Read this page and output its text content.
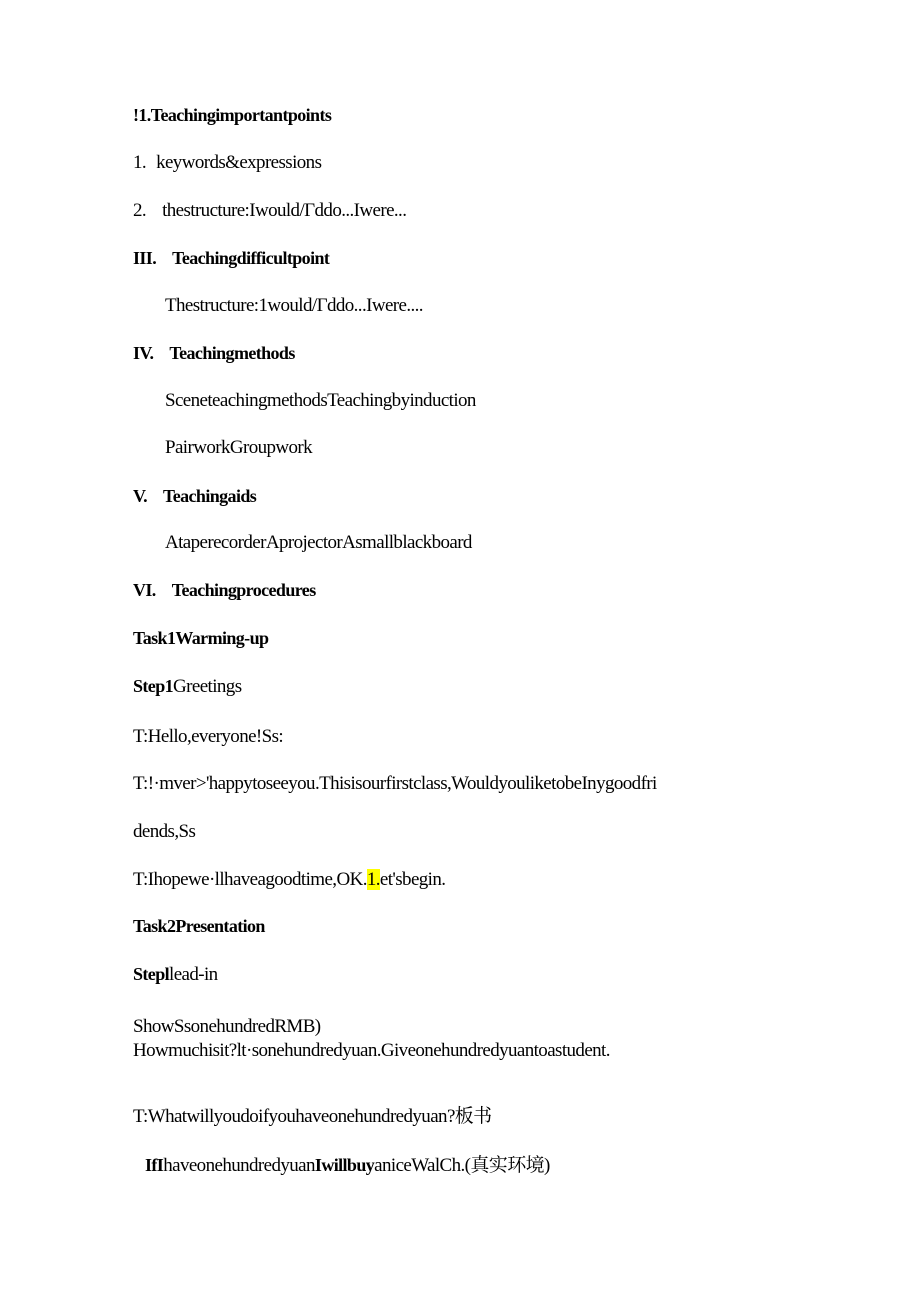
!1.Teachingimportantpoints
1. keywords&expressions
2. thestructure:Iwould/Γddo...Iwere...
III. Teachingdifficultpoint
Thestructure:1would/Γddo...Iwere....
IV. Teachingmethods
SceneteachingmethodsTeachingbyinduction
PairworkGroupwork
V. Teachingaids
AtaperecorderAprojectorAsmallblackboard
VI. Teachingprocedures
Task1Warming-up
Step1Greetings
T:Hello,everyone!Ss:
T:!·mver>'happytoseeyou.Thisisourfirstclass,WouldyouliketobeInygoodfri
dends,Ss
T:Ihopewe·llhaveagoodtime,OK.1.et'sbegin.
Task2Presentation
Stepllead-in
ShowSsonehundredRMB)
Howmuchisit?lt·sonehundredyuan.Giveonehundredyuantoastudent.
T:Whatwillyoudoifyouhaveonehundredyuan?板书
IfIhaveonehundredyuanIwillbuyaniceWalCh.(真实环境)
